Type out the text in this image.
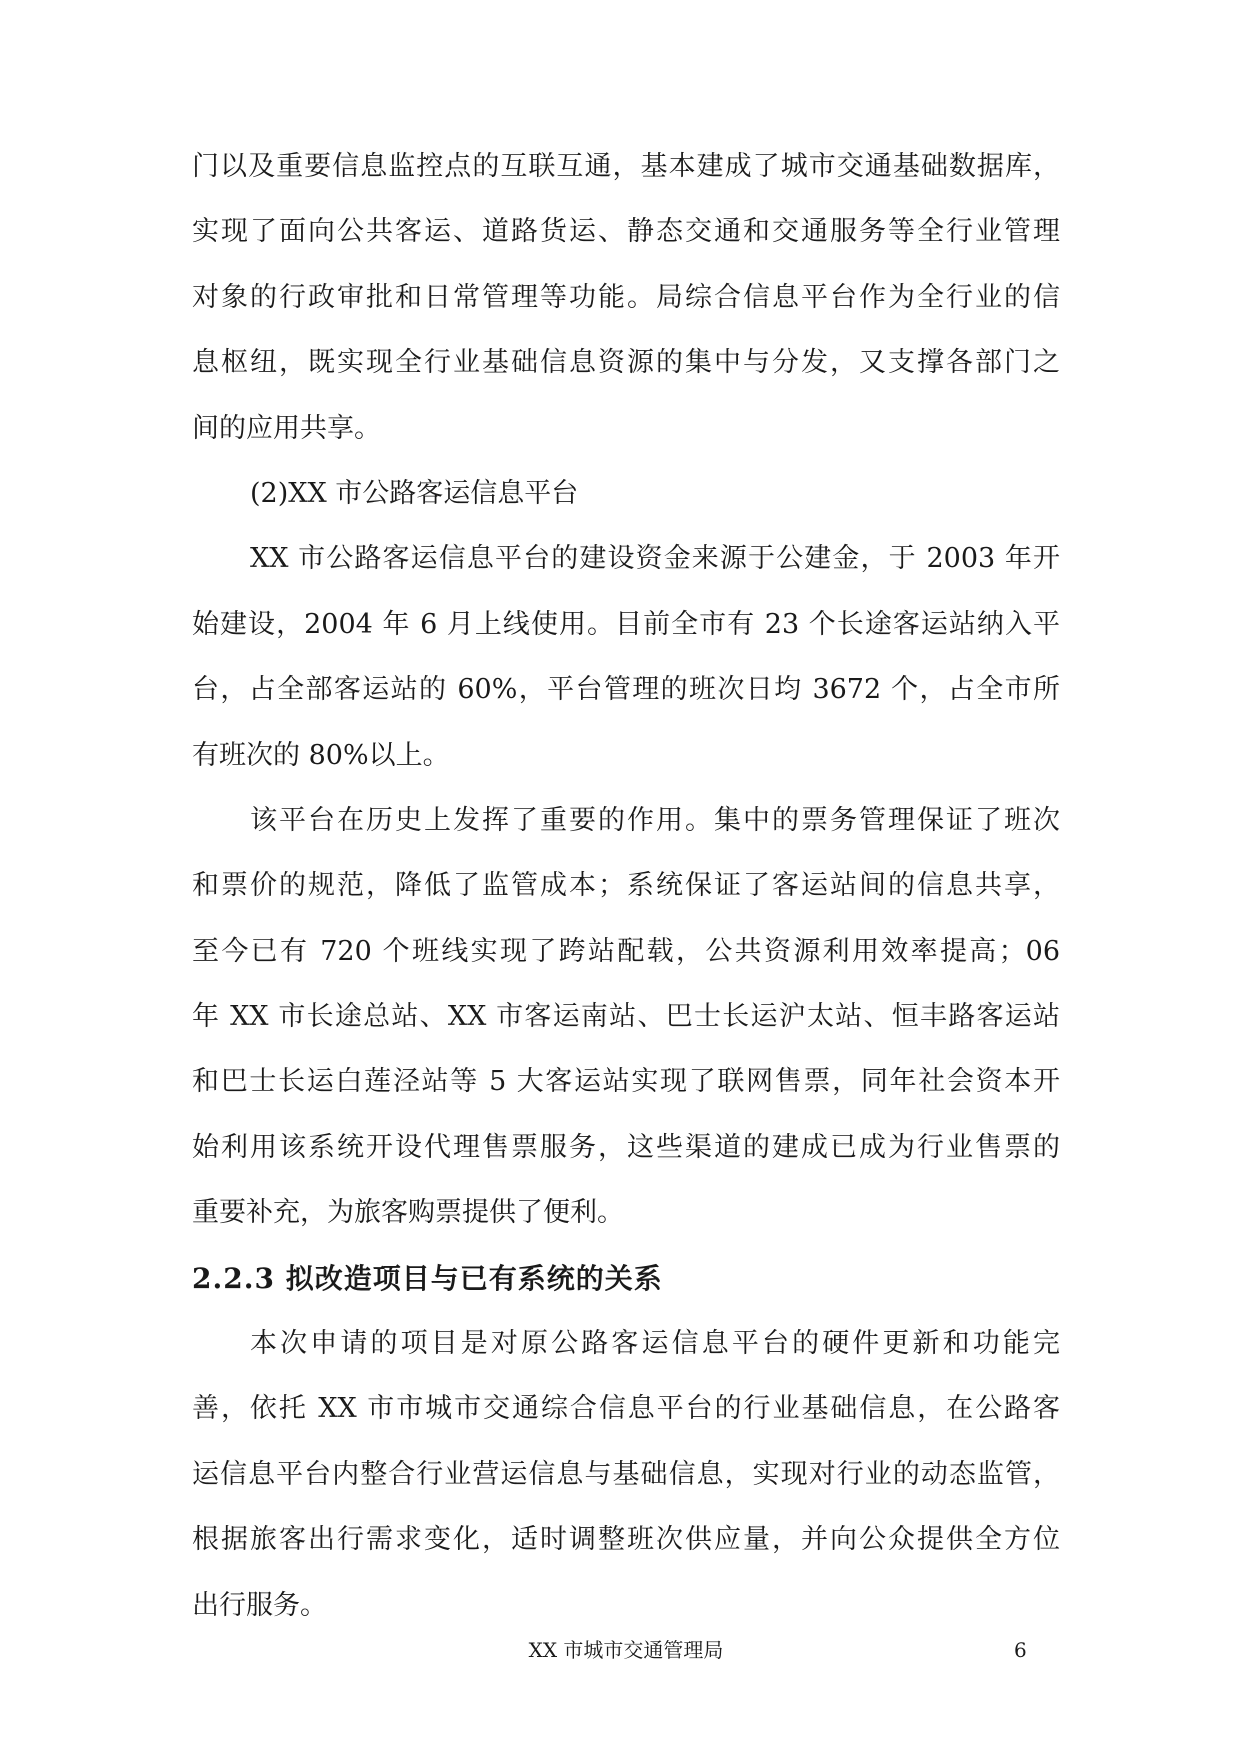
门以及重要信息监控点的互联互通，基本建成了城市交通基础数据库，
实现了面向公共客运、道路货运、静态交通和交通服务等全行业管理
对象的行政审批和日常管理等功能。局综合信息平台作为全行业的信
息枢纽，既实现全行业基础信息资源的集中与分发，又支撑各部门之
间的应用共享。
(2)XX 市公路客运信息平台
XX 市公路客运信息平台的建设资金来源于公建金，于 2003 年开
始建设，2004 年 6 月上线使用。目前全市有 23 个长途客运站纳入平
台，占全部客运站的 60%，平台管理的班次日均 3672 个，占全市所
有班次的 80%以上。
该平台在历史上发挥了重要的作用。集中的票务管理保证了班次
和票价的规范，降低了监管成本；系统保证了客运站间的信息共享，
至今已有 720 个班线实现了跨站配载，公共资源利用效率提高；06
年 XX 市长途总站、XX 市客运南站、巴士长运沪太站、恒丰路客运站
和巴士长运白莲泾站等 5 大客运站实现了联网售票，同年社会资本开
始利用该系统开设代理售票服务，这些渠道的建成已成为行业售票的
重要补充，为旅客购票提供了便利。
2.2.3 拟改造项目与已有系统的关系
本次申请的项目是对原公路客运信息平台的硬件更新和功能完
善，依托 XX 市市城市交通综合信息平台的行业基础信息，在公路客
运信息平台内整合行业营运信息与基础信息，实现对行业的动态监管，
根据旅客出行需求变化，适时调整班次供应量，并向公众提供全方位
出行服务。
XX 市城市交通管理局	6
